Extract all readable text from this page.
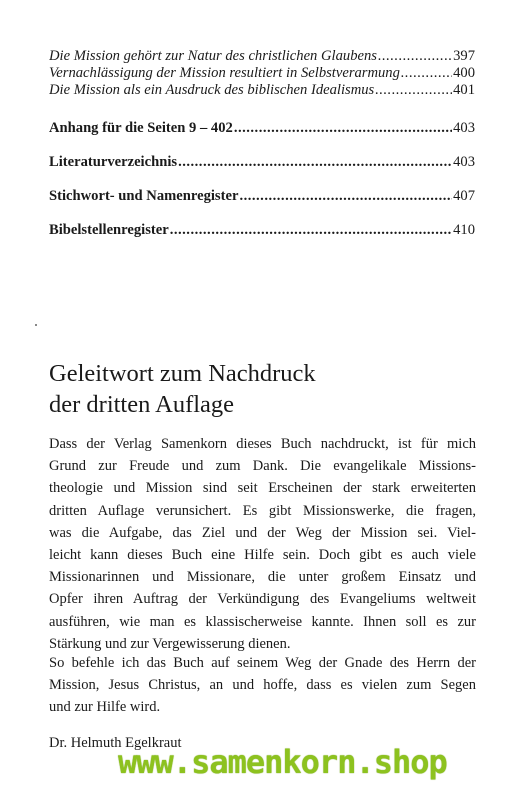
Die Mission gehört zur Natur des christlichen Glaubens .....	397
Vernachlässigung der Mission resultiert in Selbstverarmung .....	400
Die Mission als ein Ausdruck des biblischen Idealismus .....	401
Anhang für die Seiten 9 – 402 .....	403
Literaturverzeichnis .....	403
Stichwort- und Namenregister .....	407
Bibelstellenregister .....	410
Geleitwort zum Nachdruck
der dritten Auflage
Dass der Verlag Samenkorn dieses Buch nachdruckt, ist für mich
Grund zur Freude und zum Dank. Die evangelikale Missions-
theologie und Mission sind seit Erscheinen der stark erweiterten
dritten Auflage verunsichert. Es gibt Missionswerke, die fragen,
was die Aufgabe, das Ziel und der Weg der Mission sei. Viel-
leicht kann dieses Buch eine Hilfe sein. Doch gibt es auch viele
Missionarinnen und Missionare, die unter großem Einsatz und
Opfer ihren Auftrag der Verkündigung des Evangeliums weltweit
ausführen, wie man es klassischerweise kannte. Ihnen soll es zur
Stärkung und zur Vergewisserung dienen.
So befehle ich das Buch auf seinem Weg der Gnade des Herrn der
Mission, Jesus Christus, an und hoffe, dass es vielen zum Segen
und zur Hilfe wird.
Dr. Helmuth Egelkraut
www.samenkorn.shop
